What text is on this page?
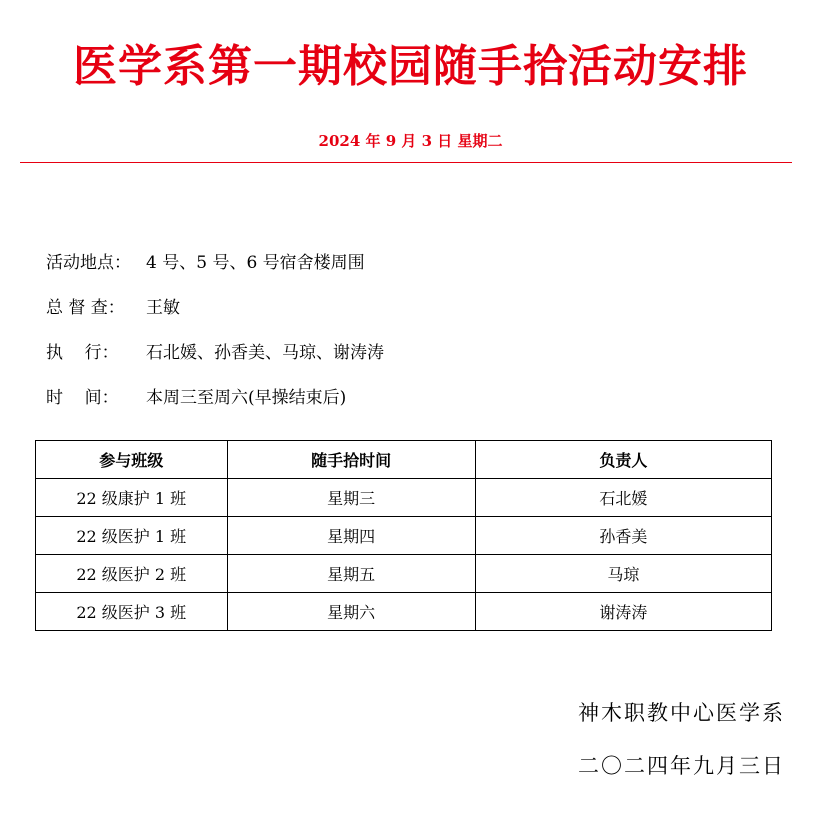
医学系第一期校园随手拾活动安排
2024 年 9 月 3 日 星期二
活动地点： 4 号、5 号、6 号宿舍楼周围
总 督 查： 王敏
执    行： 石北媛、孙香美、马琼、谢涛涛
时    间： 本周三至周六(早操结束后)
参与班级	随手拾时间	负责人
22 级康护 1 班	星期三	石北媛
22 级医护 1 班	星期四	孙香美
22 级医护 2 班	星期五	马琼
22 级医护 3 班	星期六	谢涛涛
神木职教中心医学系
二〇二四年九月三日
